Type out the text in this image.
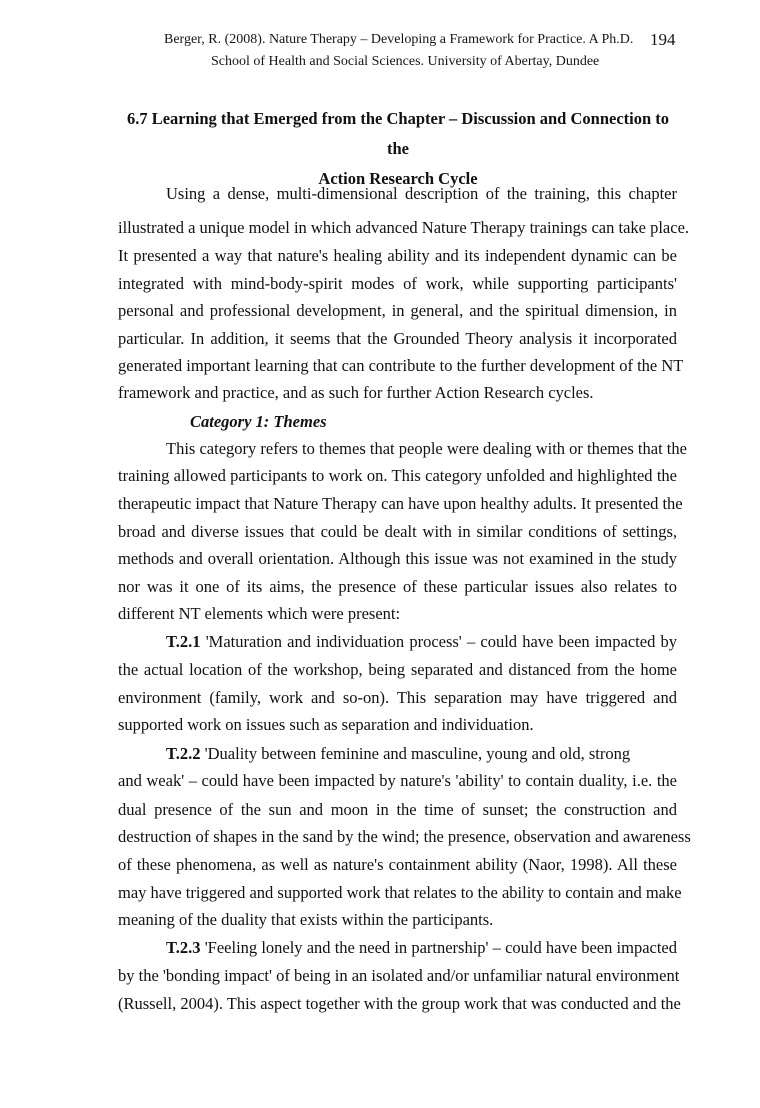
Berger, R. (2008). Nature Therapy – Developing a Framework for Practice. A Ph.D.
School of Health and Social Sciences. University of Abertay, Dundee
194
6.7 Learning that Emerged from the Chapter – Discussion and Connection to the
Action Research Cycle
Using a dense, multi-dimensional description of the training, this chapter
illustrated a unique model in which advanced Nature Therapy trainings can take place.
It presented a way that nature's healing ability and its independent dynamic can be
integrated with mind-body-spirit modes of work, while supporting participants'
personal and professional development, in general, and the spiritual dimension, in
particular. In addition, it seems that the Grounded Theory analysis it incorporated
generated important learning that can contribute to the further development of the NT
framework and practice, and as such for further Action Research cycles.
Category 1: Themes
This category refers to themes that people were dealing with or themes that the
training allowed participants to work on. This category unfolded and highlighted the
therapeutic impact that Nature Therapy can have upon healthy adults. It presented the
broad and diverse issues that could be dealt with in similar conditions of settings,
methods and overall orientation. Although this issue was not examined in the study
nor was it one of its aims, the presence of these particular issues also relates to
different NT elements which were present:
T.2.1 'Maturation and individuation process' – could have been impacted by
the actual location of the workshop, being separated and distanced from the home
environment (family, work and so-on). This separation may have triggered and
supported work on issues such as separation and individuation.
T.2.2 'Duality between feminine and masculine, young and old, strong
and weak' – could have been impacted by nature's 'ability' to contain duality, i.e. the
dual presence of the sun and moon in the time of sunset; the construction and
destruction of shapes in the sand by the wind; the presence, observation and awareness
of these phenomena, as well as nature's containment ability (Naor, 1998). All these
may have triggered and supported work that relates to the ability to contain and make
meaning of the duality that exists within the participants.
T.2.3 'Feeling lonely and the need in partnership' – could have been impacted
by the 'bonding impact' of being in an isolated and/or unfamiliar natural environment
(Russell, 2004). This aspect together with the group work that was conducted and the
